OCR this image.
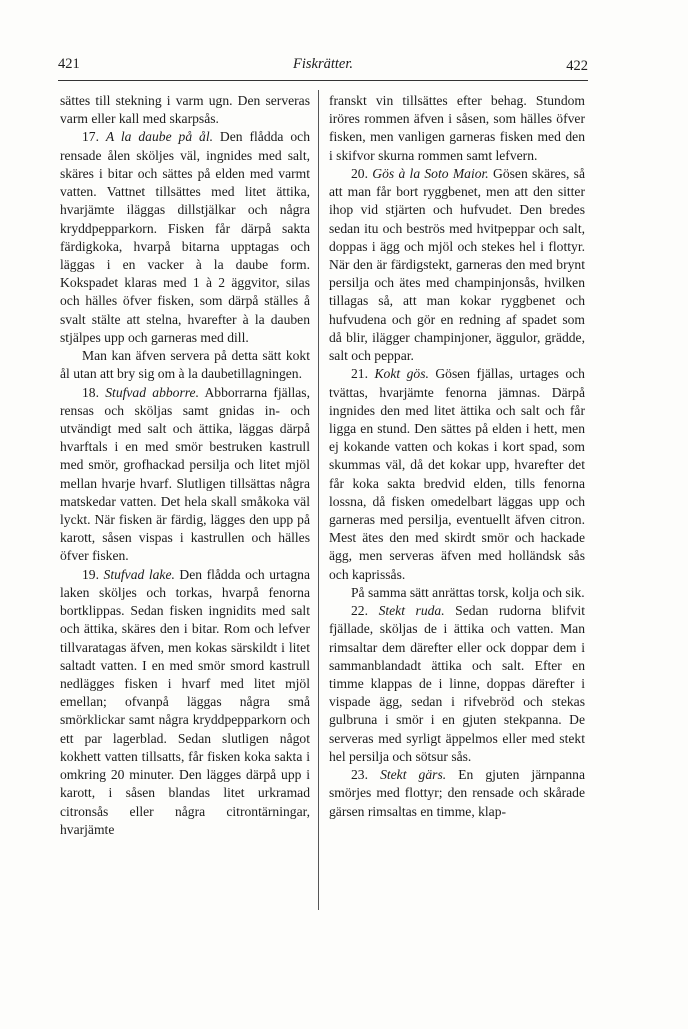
421	Fiskrätter.	422

sättes till stekning i varm ugn. Den serveras varm eller kall med skarpsås.

17. A la daube på ål. Den flådda och rensade ålen sköljes väl, ingnides med salt, skäres i bitar och sättes på elden med varmt vatten. Vattnet tillsättes med litet ättika, hvarjämte iläggas dillstjälkar och några kryddpepparkorn. Fisken får därpå sakta färdigkoka, hvarpå bitarna upptagas och läggas i en vacker à la daube form. Kokspadet klaras med 1 à 2 äggvitor, silas och hälles öfver fisken, som därpå ställes å svalt stälte att stelna, hvarefter à la dauben stjälpes upp och garneras med dill.

Man kan äfven servera på detta sätt kokt ål utan att bry sig om à la daubetillagningen.

18. Stufvad abborre. Abborrarna fjällas, rensas och sköljas samt gnidas in- och utvändigt med salt och ättika, läggas därpå hvarftals i en med smör bestruken kastrull med smör, grofhackad persilja och litet mjöl mellan hvarje hvarf. Slutligen tillsättas några matskedar vatten. Det hela skall småkoka väl lyckt. När fisken är färdig, lägges den upp på karott, såsen vispas i kastrullen och hälles öfver fisken.

19. Stufvad lake. Den flådda och urtagna laken sköljes och torkas, hvarpå fenorna bortklippas. Sedan fisken ingnidits med salt och ättika, skäres den i bitar. Rom och lefver tillvaratagas äfven, men kokas särskildt i litet saltadt vatten. I en med smör smord kastrull nedlägges fisken i hvarf med litet mjöl emellan; ofvanpå läggas några små smörklickar samt några kryddpepparkorn och ett par lagerblad. Sedan slutligen något kokhett vatten tillsatts, får fisken koka sakta i omkring 20 minuter. Den lägges därpå upp i karott, i såsen blandas litet urkramad citronsås eller några citrontärningar, hvarjämte

franskt vin tillsättes efter behag. Stundom iröres rommen äfven i såsen, som hälles öfver fisken, men vanligen garneras fisken med den i skifvor skurna rommen samt lefvern.

20. Gös à la Soto Maior. Gösen skäres, så att man får bort ryggbenet, men att den sitter ihop vid stjärten och hufvudet. Den bredes sedan itu och beströs med hvitpeppar och salt, doppas i ägg och mjöl och stekes hel i flottyr. När den är färdigstekt, garneras den med brynt persilja och ätes med champinjonsås, hvilken tillagas så, att man kokar ryggbenet och hufvudena och gör en redning af spadet som då blir, ilägger champinjoner, äggulor, grädde, salt och peppar.

21. Kokt gös. Gösen fjällas, urtages och tvättas, hvarjämte fenorna jämnas. Därpå ingnides den med litet ättika och salt och får ligga en stund. Den sättes på elden i hett, men ej kokande vatten och kokas i kort spad, som skummas väl, då det kokar upp, hvarefter det får koka sakta bredvid elden, tills fenorna lossna, då fisken omedelbart läggas upp och garneras med persilja, eventuellt äfven citron. Mest ätes den med skirdt smör och hackade ägg, men serveras äfven med holländsk sås och kaprissås.

På samma sätt anrättas torsk, kolja och sik.

22. Stekt ruda. Sedan rudorna blifvit fjällade, sköljas de i ättika och vatten. Man rimsaltar dem därefter eller ock doppar dem i sammanblandadt ättika och salt. Efter en timme klappas de i linne, doppas därefter i vispade ägg, sedan i rifvebröd och stekas gulbruna i smör i en gjuten stekpanna. De serveras med syrligt äppelmos eller med stekt hel persilja och sötsur sås.

23. Stekt gärs. En gjuten järnpanna smörjes med flottyr; den rensade och skårade gärsen rimsaltas en timme, klap-
